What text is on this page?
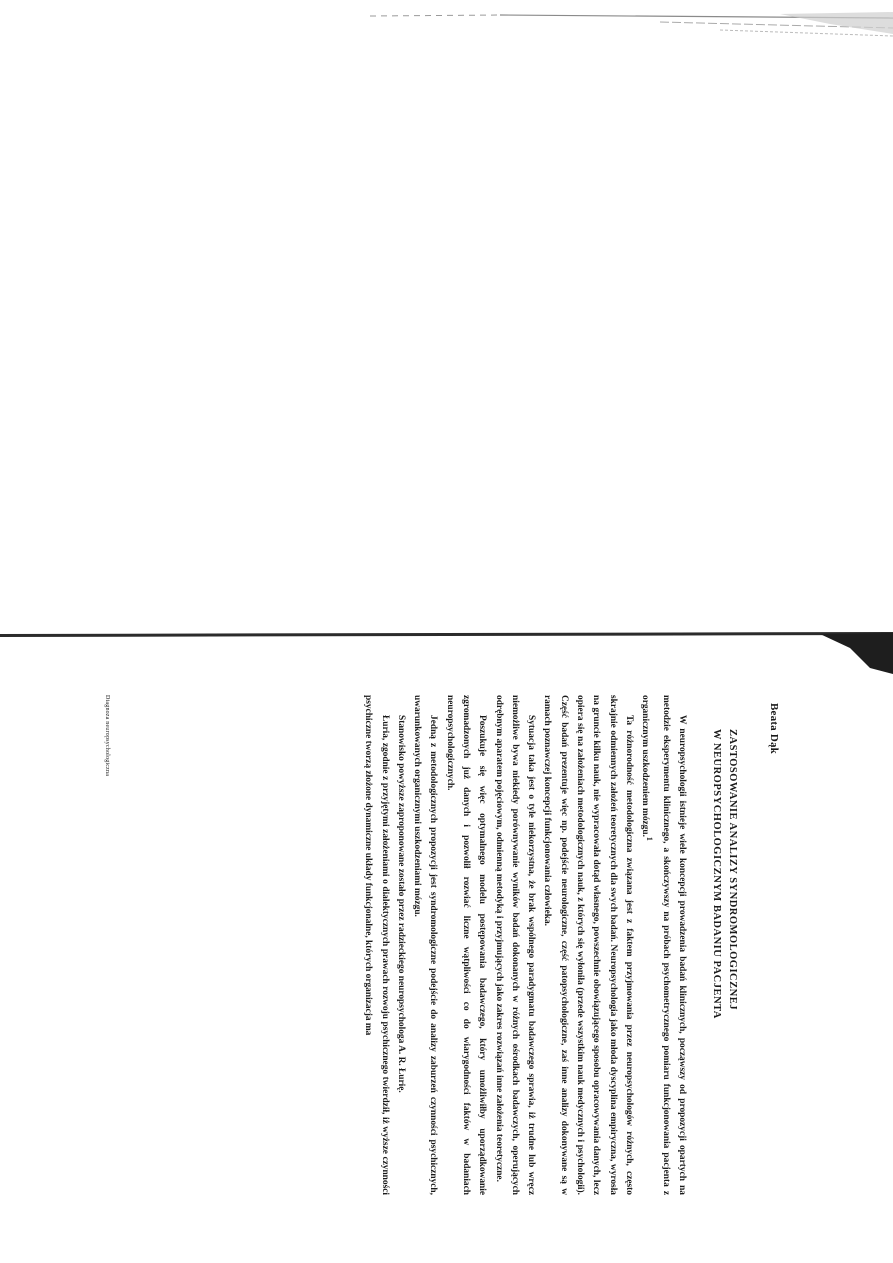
Beata Dąk
ZASTOSOWANIE ANALIZY SYNDROMOLOGICZNEJ
W NEUROPSYCHOLOGICZNYM BADANIU PACJENTA

W neuropsychologii istnieje wiele koncepcji prowadzenia badań klinicznych, począwszy od propozycji opartych na metodzie eksperymentu klinicznego, a skończywszy na próbach psychometrycznego pomiaru funkcjonowania pacjenta z organicznym uszkodzeniem mózgu.1

Ta różnorodność metodologiczna związana jest z faktem przyjmowania przez neuropsychologów różnych, często skrajnie odmiennych założeń teoretycznych dla swych badań. Neuropsychologia jako młoda dyscyplina empiryczna, wyrosła na gruncie kilku nauk, nie wypracowała dotąd własnego, powszechnie obowiązującego sposobu opracowywania danych, lecz opiera się na założeniach metodologicznych nauk, z których się wyłoniła (przede wszystkim nauk medycznych i psychologii). Część badań prezentuje więc np. podejście neurologiczne, część patopsychologiczne, zaś inne analizy dokonywane są w ramach poznawczej koncepcji funkcjonowania człowieka.

Sytuacja taka jest o tyle niekorzystna, że brak wspólnego paradygmatu badawczego sprawia, iż trudne lub wręcz niemożliwe bywa niekiedy porównywanie wyników badań dokonanych w różnych ośrodkach badawczych, operujących odrębnym aparatem pojęciowym, odmienną metodyką i przyjmujących jako zakres rozwiązań inne założenia teoretyczne.

Poszukuje się więc optymalnego modelu postępowania badawczego, który umożliwiłby uporządkowanie zgromadzonych już danych i pozwolił rozwiać liczne wątpliwości co do wiarygodności faktów w badaniach neuropsychologicznych.

Jedną z metodologicznych propozycji jest syndromologiczne podejście do analizy zaburzeń czynności psychicznych, uwarunkowanych organicznymi uszkodzeniami mózgu.

Stanowisko powyższe zaproponowane zostało przez radzieckiego neuropsychologa A. R. Łurię.

Łuria, zgodnie z przyjętymi założeniami o dialektycznych prawach rozwoju psychicznego twierdził, iż wyższe czynności psychiczne tworzą złożone dynamiczne układy funkcjonalne, których organizacja ma

Diagnoza neuropsychologiczna
